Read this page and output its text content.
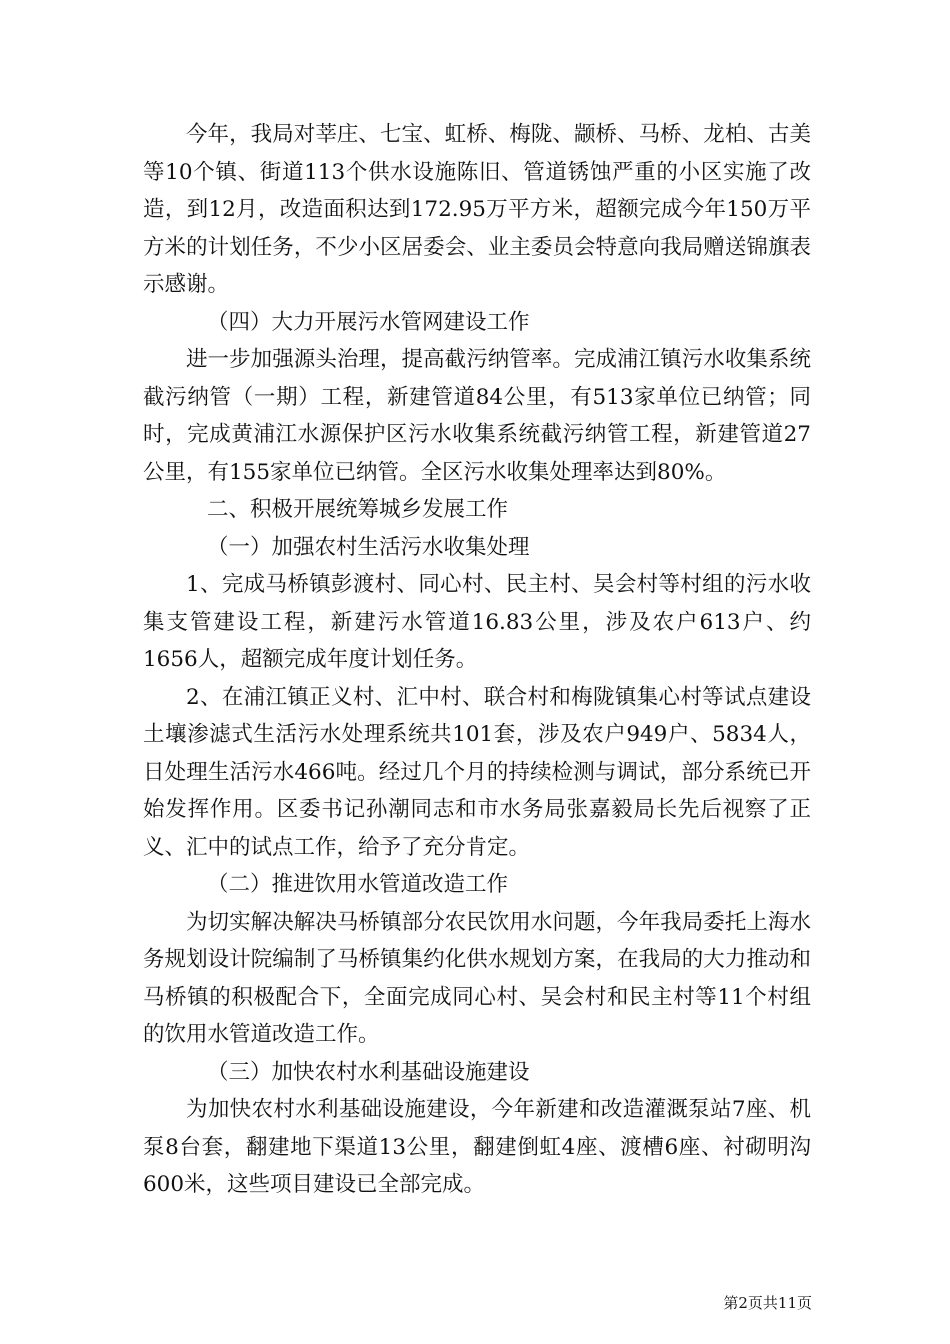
今年，我局对莘庄、七宝、虹桥、梅陇、颛桥、马桥、龙柏、古美等10个镇、街道113个供水设施陈旧、管道锈蚀严重的小区实施了改造，到12月，改造面积达到172.95万平方米，超额完成今年150万平方米的计划任务，不少小区居委会、业主委员会特意向我局赠送锦旗表示感谢。

（四）大力开展污水管网建设工作

进一步加强源头治理，提高截污纳管率。完成浦江镇污水收集系统截污纳管（一期）工程，新建管道84公里，有513家单位已纳管；同时，完成黄浦江水源保护区污水收集系统截污纳管工程，新建管道27公里，有155家单位已纳管。全区污水收集处理率达到80%。

二、积极开展统筹城乡发展工作

（一）加强农村生活污水收集处理

1、完成马桥镇彭渡村、同心村、民主村、吴会村等村组的污水收集支管建设工程，新建污水管道16.83公里，涉及农户613户、约1656人，超额完成年度计划任务。

2、在浦江镇正义村、汇中村、联合村和梅陇镇集心村等试点建设土壤渗滤式生活污水处理系统共101套，涉及农户949户、5834人，日处理生活污水466吨。经过几个月的持续检测与调试，部分系统已开始发挥作用。区委书记孙潮同志和市水务局张嘉毅局长先后视察了正义、汇中的试点工作，给予了充分肯定。

（二）推进饮用水管道改造工作

为切实解决解决马桥镇部分农民饮用水问题，今年我局委托上海水务规划设计院编制了马桥镇集约化供水规划方案，在我局的大力推动和马桥镇的积极配合下，全面完成同心村、吴会村和民主村等11个村组的饮用水管道改造工作。

（三）加快农村水利基础设施建设

为加快农村水利基础设施建设，今年新建和改造灌溉泵站7座、机泵8台套，翻建地下渠道13公里，翻建倒虹4座、渡槽6座、衬砌明沟600米，这些项目建设已全部完成。

第2页共11页
